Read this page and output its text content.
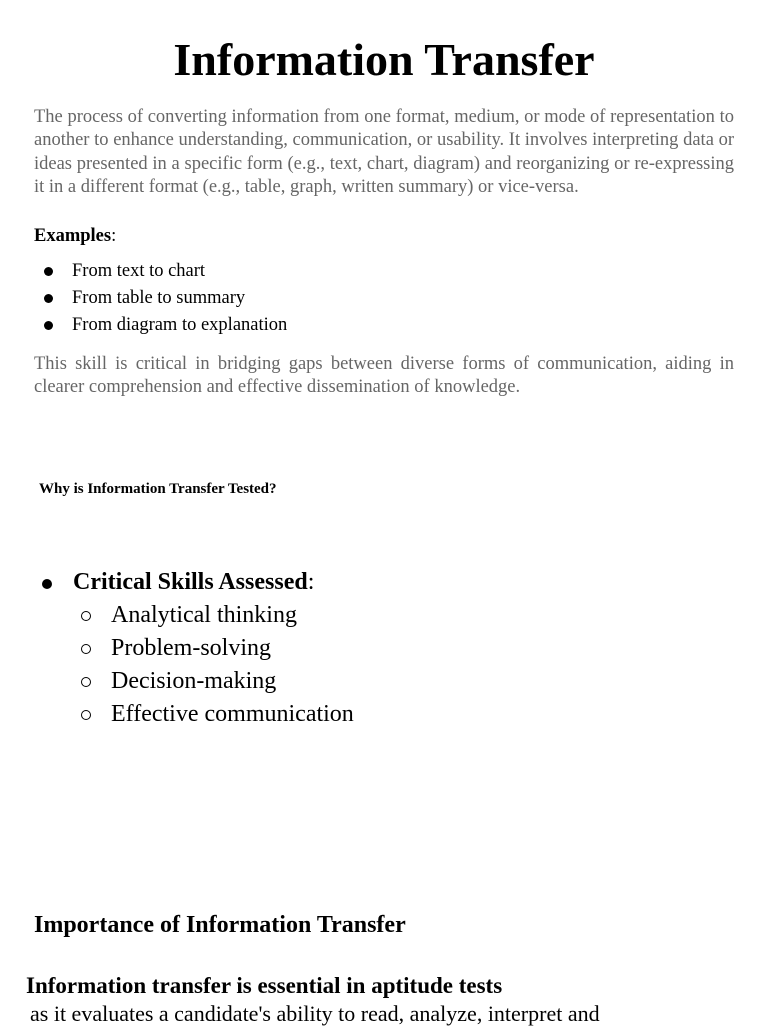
Information Transfer

The process of converting information from one format, medium, or mode of representation to another to enhance understanding, communication, or usability. It involves interpreting data or ideas presented in a specific form (e.g., text, chart, diagram) and reorganizing or re-expressing it in a different format (e.g., table, graph, written summary) or vice-versa.

Examples:

From text to chart
From table to summary
From diagram to explanation

This skill is critical in bridging gaps between diverse forms of communication, aiding in clearer comprehension and effective dissemination of knowledge.

Why is Information Transfer Tested?
Critical Skills Assessed:
Analytical thinking
Problem-solving
Decision-making
Effective communication
Importance of Information Transfer
Information transfer is essential in aptitude tests
as it evaluates a candidate's ability to read, analyze, interpret and
